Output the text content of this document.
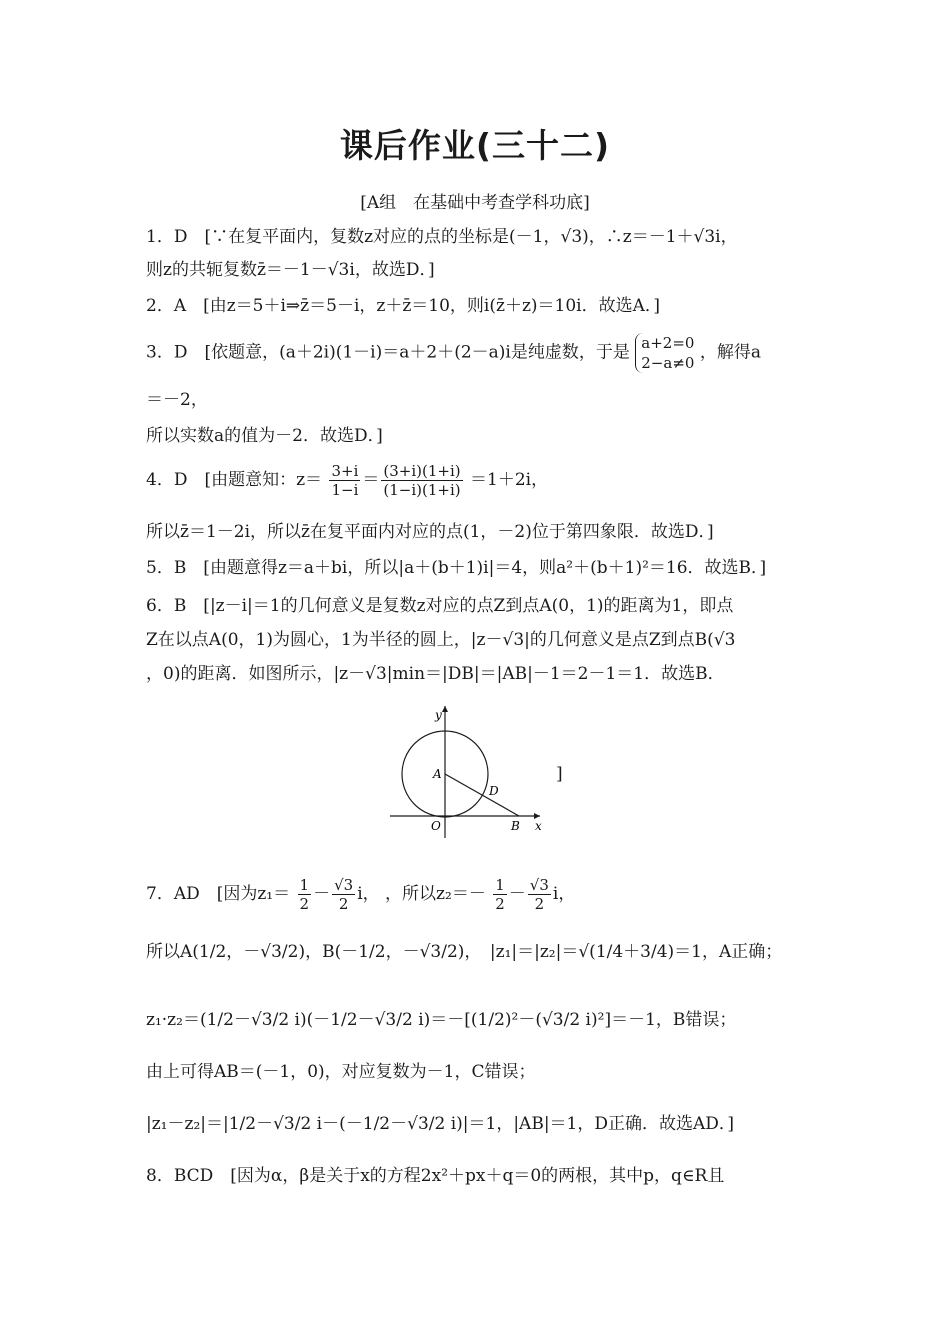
课后作业(三十二)
[A组　在基础中考查学科功底]
1．D　[∵在复平面内，复数z对应的点的坐标是(－1，√3)，∴z＝－1＋√3i，
则z的共轭复数z̄＝－1－√3i，故选D．]
2．A　[由z＝5＋i⇒z̄＝5－i，z＋z̄＝10，则i(z̄＋z)＝10i．故选A．]
3．D　[依题意，(a＋2i)(1－i)＝a＋2＋(2－a)i是纯虚数，于是 a+2=0
2−a≠0
，解得a
＝－2，
所以实数a的值为－2．故选D．]
4．D　[由题意知：$z= \frac{3+i}{1-i} = \frac{(3+i)(1+i)}{(1-i)(1+i)} =1+2i$，
所以z̄＝1－2i，所以z̄在复平面内对应的点(1，－2)位于第四象限．故选D．]
5．B　[由题意得z＝a＋bi，所以|a＋(b＋1)i|＝4，则a²＋(b＋1)²＝16．故选B．]
6．B　[|z－i|＝1的几何意义是复数z对应的点Z到点A(0，1)的距离为1，即点
Z在以点A(0，1)为圆心，1为半径的圆上，|z－√3|的几何意义是点Z到点B(√3
，0)的距离．如图所示，|z－√3|min＝|DB|＝|AB|－1＝2－1＝1．故选B．
y
A
D
O	B x
]
7．AD　[因为$z_1= \frac{1}{2} - \frac{√3}{2}$ i， ，所以$z_2=- \frac{1}{2} - \frac{√3}{2}$ i，
所以A(1/2，－√3/2)，B(－1/2，－√3/2)，　|z₁|＝|z₂|＝√(1/4＋3/4)＝1，A正确；
z₁·z₂＝(1/2－√3/2 i)(－1/2－√3/2 i)＝－[(1/2)²－(√3/2 i)²]＝－1，B错误；
由上可得AB＝(－1，0)，对应复数为－1，C错误；
|z₁－z₂|＝|1/2－√3/2 i－(－1/2－√3/2 i)|＝1，|AB|＝1，D正确．故选AD．]
8．BCD　[因为α，β是关于x的方程2x²＋px＋q＝0的两根，其中p，q∈R且
